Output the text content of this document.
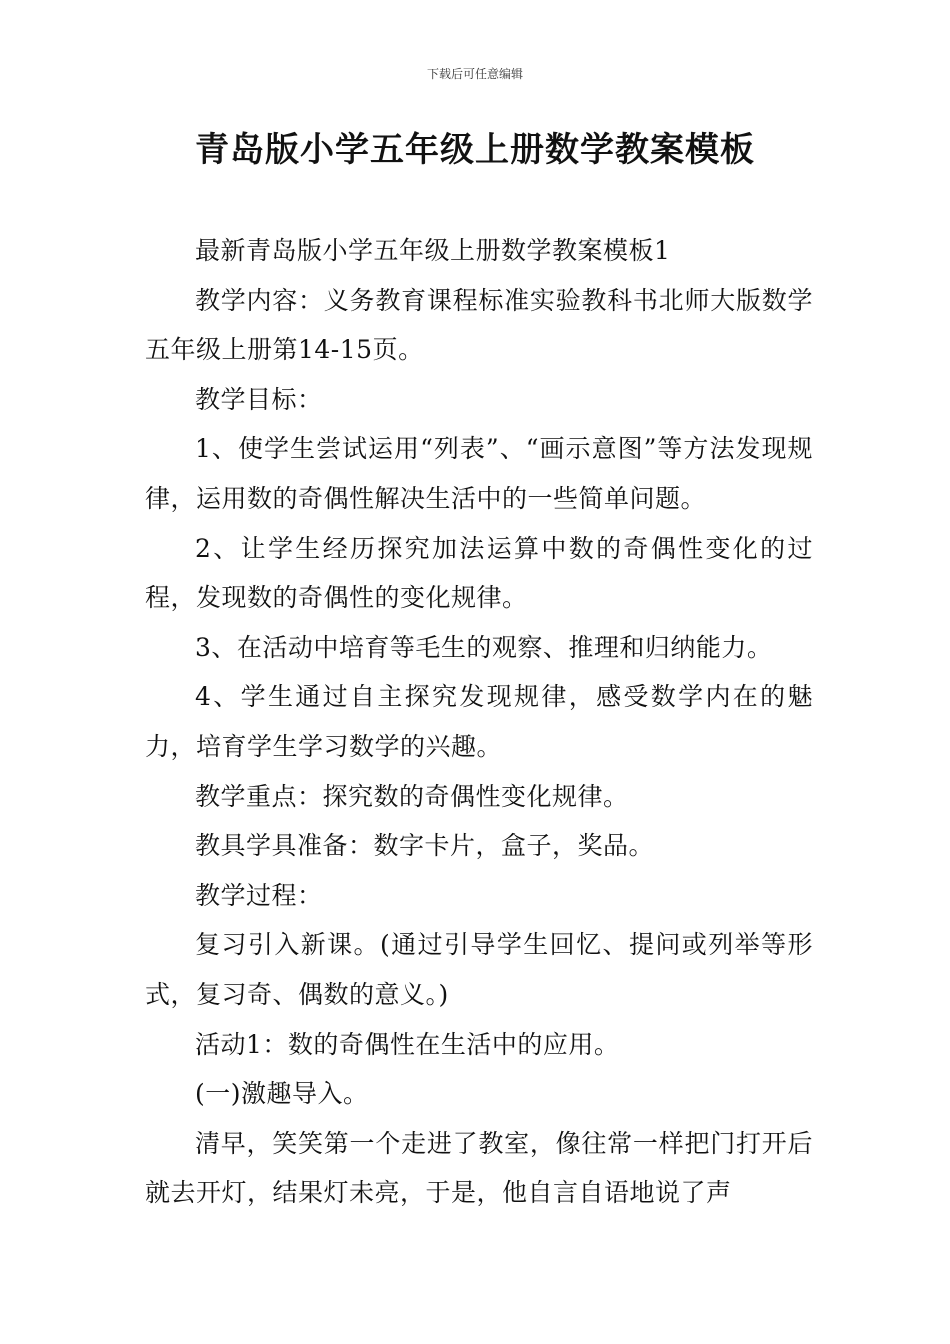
下载后可任意编辑
青岛版小学五年级上册数学教案模板

最新青岛版小学五年级上册数学教案模板1

教学内容：义务教育课程标准实验教科书北师大版数学五年级上册第14-15页。

教学目标：

1、使学生尝试运用“列表”、“画示意图”等方法发现规律，运用数的奇偶性解决生活中的一些简单问题。

2、让学生经历探究加法运算中数的奇偶性变化的过程，发现数的奇偶性的变化规律。

3、在活动中培育等毛生的观察、推理和归纳能力。

4、学生通过自主探究发现规律，感受数学内在的魅力，培育学生学习数学的兴趣。

教学重点：探究数的奇偶性变化规律。

教具学具准备：数字卡片，盒子，奖品。

教学过程：

复习引入新课。(通过引导学生回忆、提问或列举等形式，复习奇、偶数的意义。)

活动1：数的奇偶性在生活中的应用。

(一)激趣导入。

清早，笑笑第一个走进了教室，像往常一样把门打开后就去开灯，结果灯未亮，于是，他自言自语地说了声
